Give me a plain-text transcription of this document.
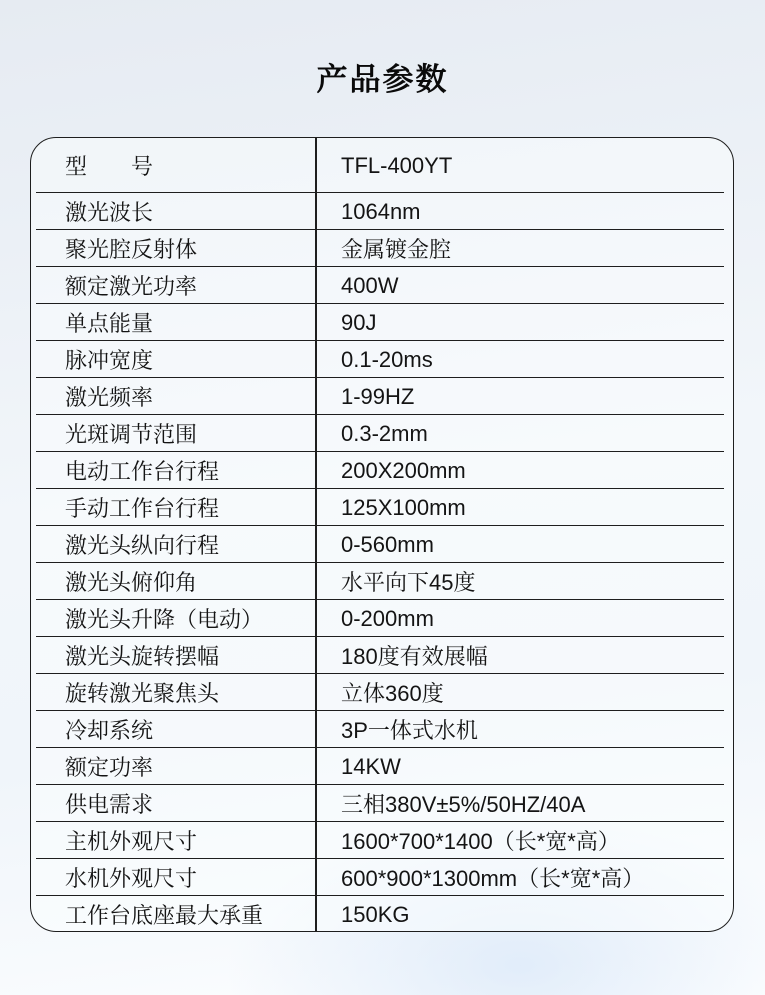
产品参数
型　　号	TFL-400YT
激光波长	1064nm
聚光腔反射体	金属镀金腔
额定激光功率	400W
单点能量	90J
脉冲宽度	0.1-20ms
激光频率	1-99HZ
光斑调节范围	0.3-2mm
电动工作台行程	200X200mm
手动工作台行程	125X100mm
激光头纵向行程	0-560mm
激光头俯仰角	水平向下45度
激光头升降（电动）	0-200mm
激光头旋转摆幅	180度有效展幅
旋转激光聚焦头	立体360度
冷却系统	3P一体式水机
额定功率	14KW
供电需求	三相380V±5%/50HZ/40A
主机外观尺寸	1600*700*1400（长*宽*高）
水机外观尺寸	600*900*1300mm（长*宽*高）
工作台底座最大承重	150KG
